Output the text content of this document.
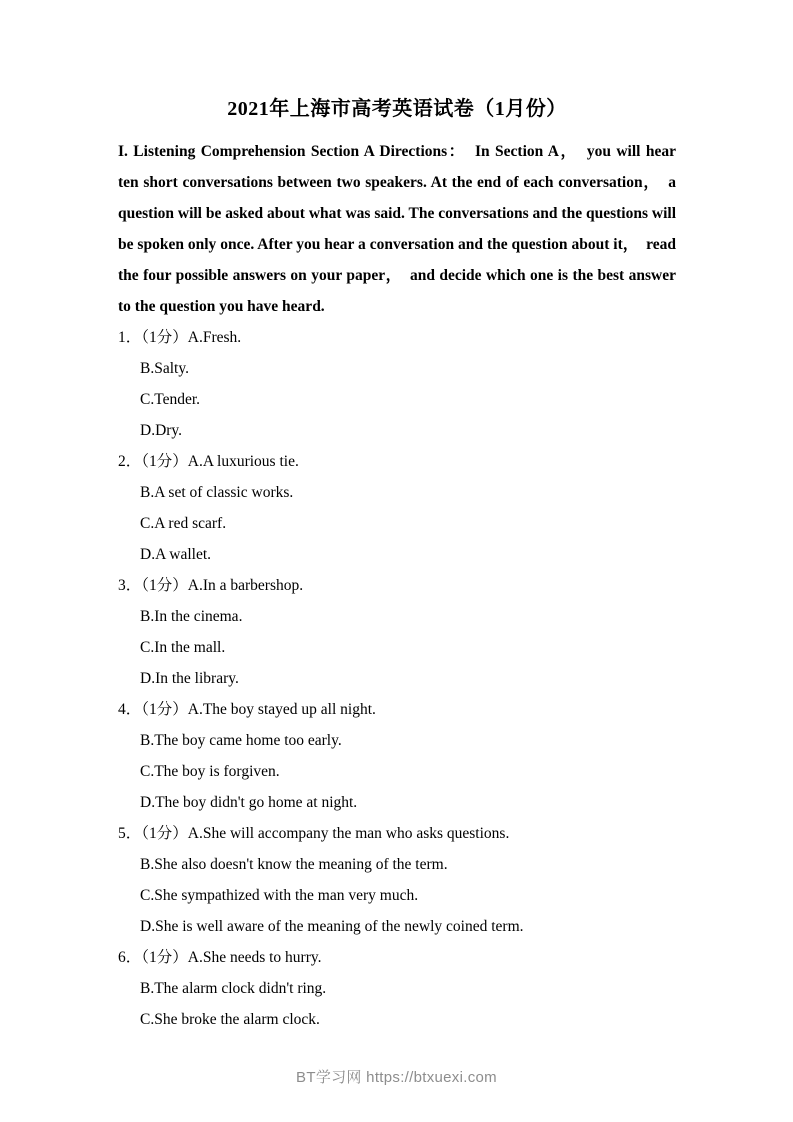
2021年上海市高考英语试卷（1月份）

I. Listening Comprehension Section A Directions：　In Section A，　you will hear ten short conversations between two speakers. At the end of each conversation，　a question will be asked about what was said. The conversations and the questions will be spoken only once. After you hear a conversation and the question about it，　read the four possible answers on your paper，　and decide which one is the best answer to the question you have heard.

1．（1分）A.Fresh.
B.Salty.
C.Tender.
D.Dry.
2．（1分）A.A luxurious tie.
B.A set of classic works.
C.A red scarf.
D.A wallet.
3．（1分）A.In a barbershop.
B.In the cinema.
C.In the mall.
D.In the library.
4．（1分）A.The boy stayed up all night.
B.The boy came home too early.
C.The boy is forgiven.
D.The boy didn't go home at night.
5．（1分）A.She will accompany the man who asks questions.
B.She also doesn't know the meaning of the term.
C.She sympathized with the man very much.
D.She is well aware of the meaning of the newly coined term.
6．（1分）A.She needs to hurry.
B.The alarm clock didn't ring.
C.She broke the alarm clock.
BT学习网 https://btxuexi.com
